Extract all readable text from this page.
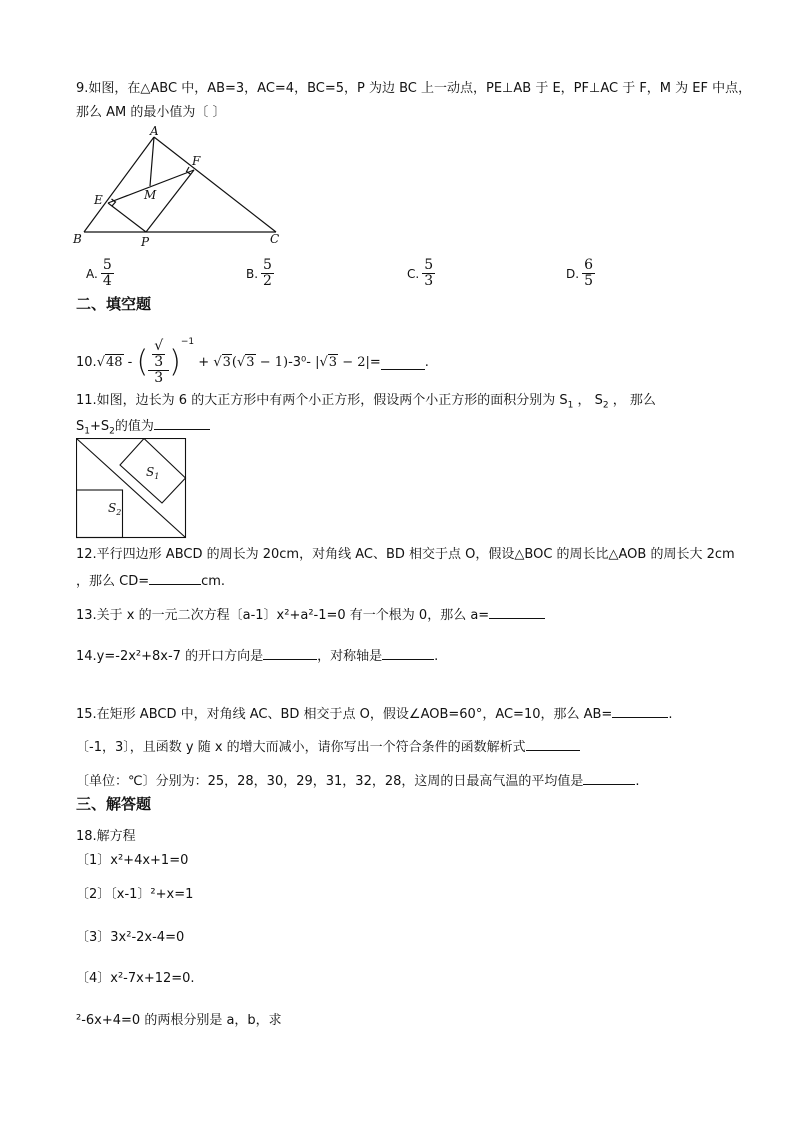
9.如图，在△ABC 中，AB=3，AC=4，BC=5，P 为边 BC 上一动点，PE⊥AB 于 E，PF⊥AC 于 F，M 为 EF 中点，
那么 AM 的最小值为〔 〕
A
B	C
E
F
M
P
A. $\frac{5}{4}$	B. $\frac{5}{2}$	C. $\frac{5}{3}$	D. $\frac{6}{5}$
二、填空题
10.√48 - ( √
3
3 )$^{-1}$ + √3(√3 − 1)-3⁰- |√3 − 2|=	.
11.如图，边长为 6 的大正方形中有两个小正方形，假设两个小正方形的面积分别为 $S_1$ ， $S_2$ ， 那么
$S_1+S_2$的值为
$S_1$
$S_2$
12.平行四边形 ABCD 的周长为 20cm，对角线 AC、BD 相交于点 O，假设△BOC 的周长比△AOB 的周长大 2cm
，那么 CD=	cm.
13.关于 x 的一元二次方程〔a-1〕x²+a²-1=0 有一个根为 0，那么 a=
14.y=-2x²+8x-7 的开口方向是	，对称轴是	.
15.在矩形 ABCD 中，对角线 AC、BD 相交于点 O，假设∠AOB=60°，AC=10，那么 AB=	.
〔-1，3〕，且函数 y 随 x 的增大而减小，请你写出一个符合条件的函数解析式
〔单位：℃〕分别为：25，28，30，29，31，32，28，这周的日最高气温的平均值是	.
三、解答题
18.解方程
〔1〕x²+4x+1=0
〔2〕〔x-1〕²+x=1
〔3〕3x²-2x-4=0
〔4〕x²-7x+12=0.
²-6x+4=0 的两根分别是 a，b，求
